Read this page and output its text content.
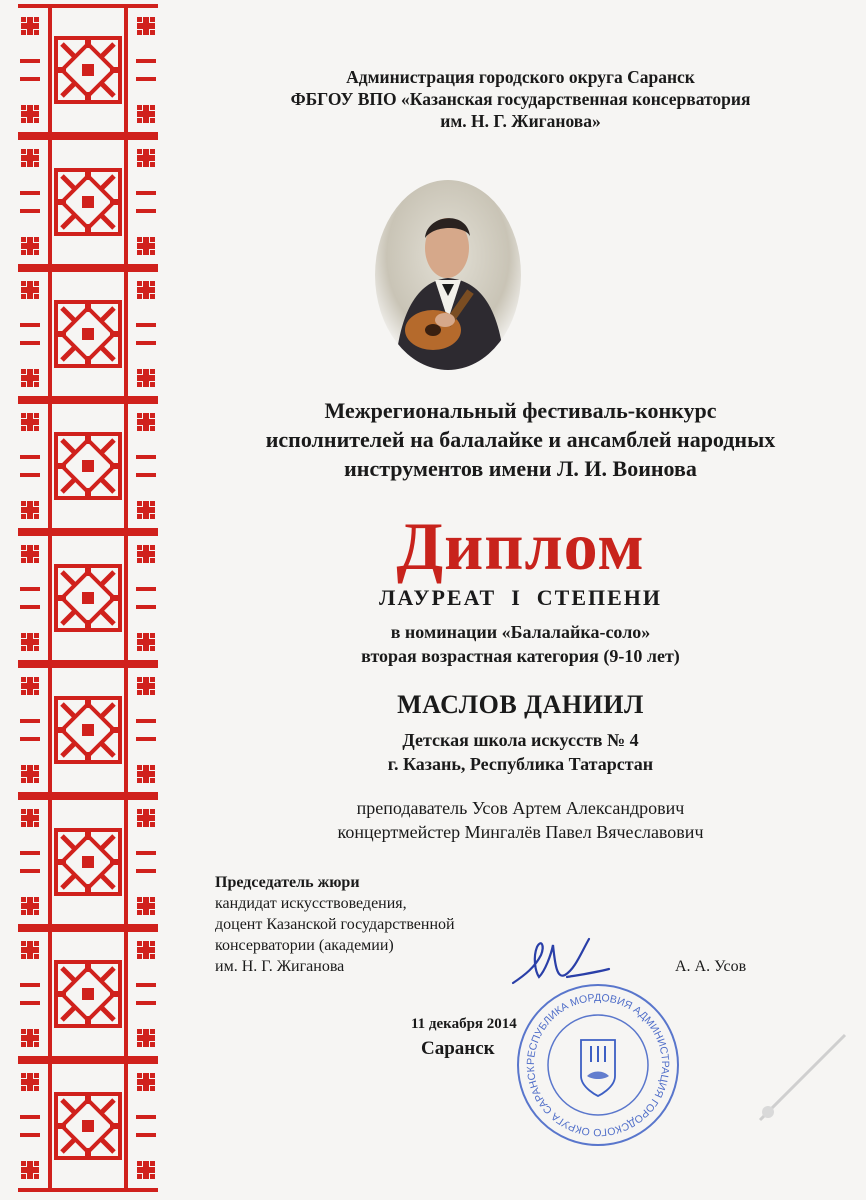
Администрация городского округа Саранск
ФБГОУ ВПО «Казанская государственная консерватория
им. Н. Г. Жиганова»
Межрегиональный фестиваль-конкурс
исполнителей на балалайке и ансамблей народных
инструментов имени Л. И. Воинова
Диплом
ЛАУРЕАТ  I  СТЕПЕНИ
в номинации «Балалайка-соло»
вторая возрастная категория (9-10 лет)
МАСЛОВ ДАНИИЛ
Детская школа искусств № 4
г. Казань, Республика Татарстан
преподаватель Усов Артем Александрович
концертмейстер Мингалёв Павел Вячеславович
Председатель жюри
кандидат искусствоведения,
доцент Казанской государственной
консерватории (академии)
им. Н. Г. Жиганова	А. А. Усов
11 декабря 2014
Саранск
РЕСПУБЛИКА МОРДОВИЯ АДМИНИСТРАЦИЯ ГОРОДСКОГО ОКРУГА САРАНСК
